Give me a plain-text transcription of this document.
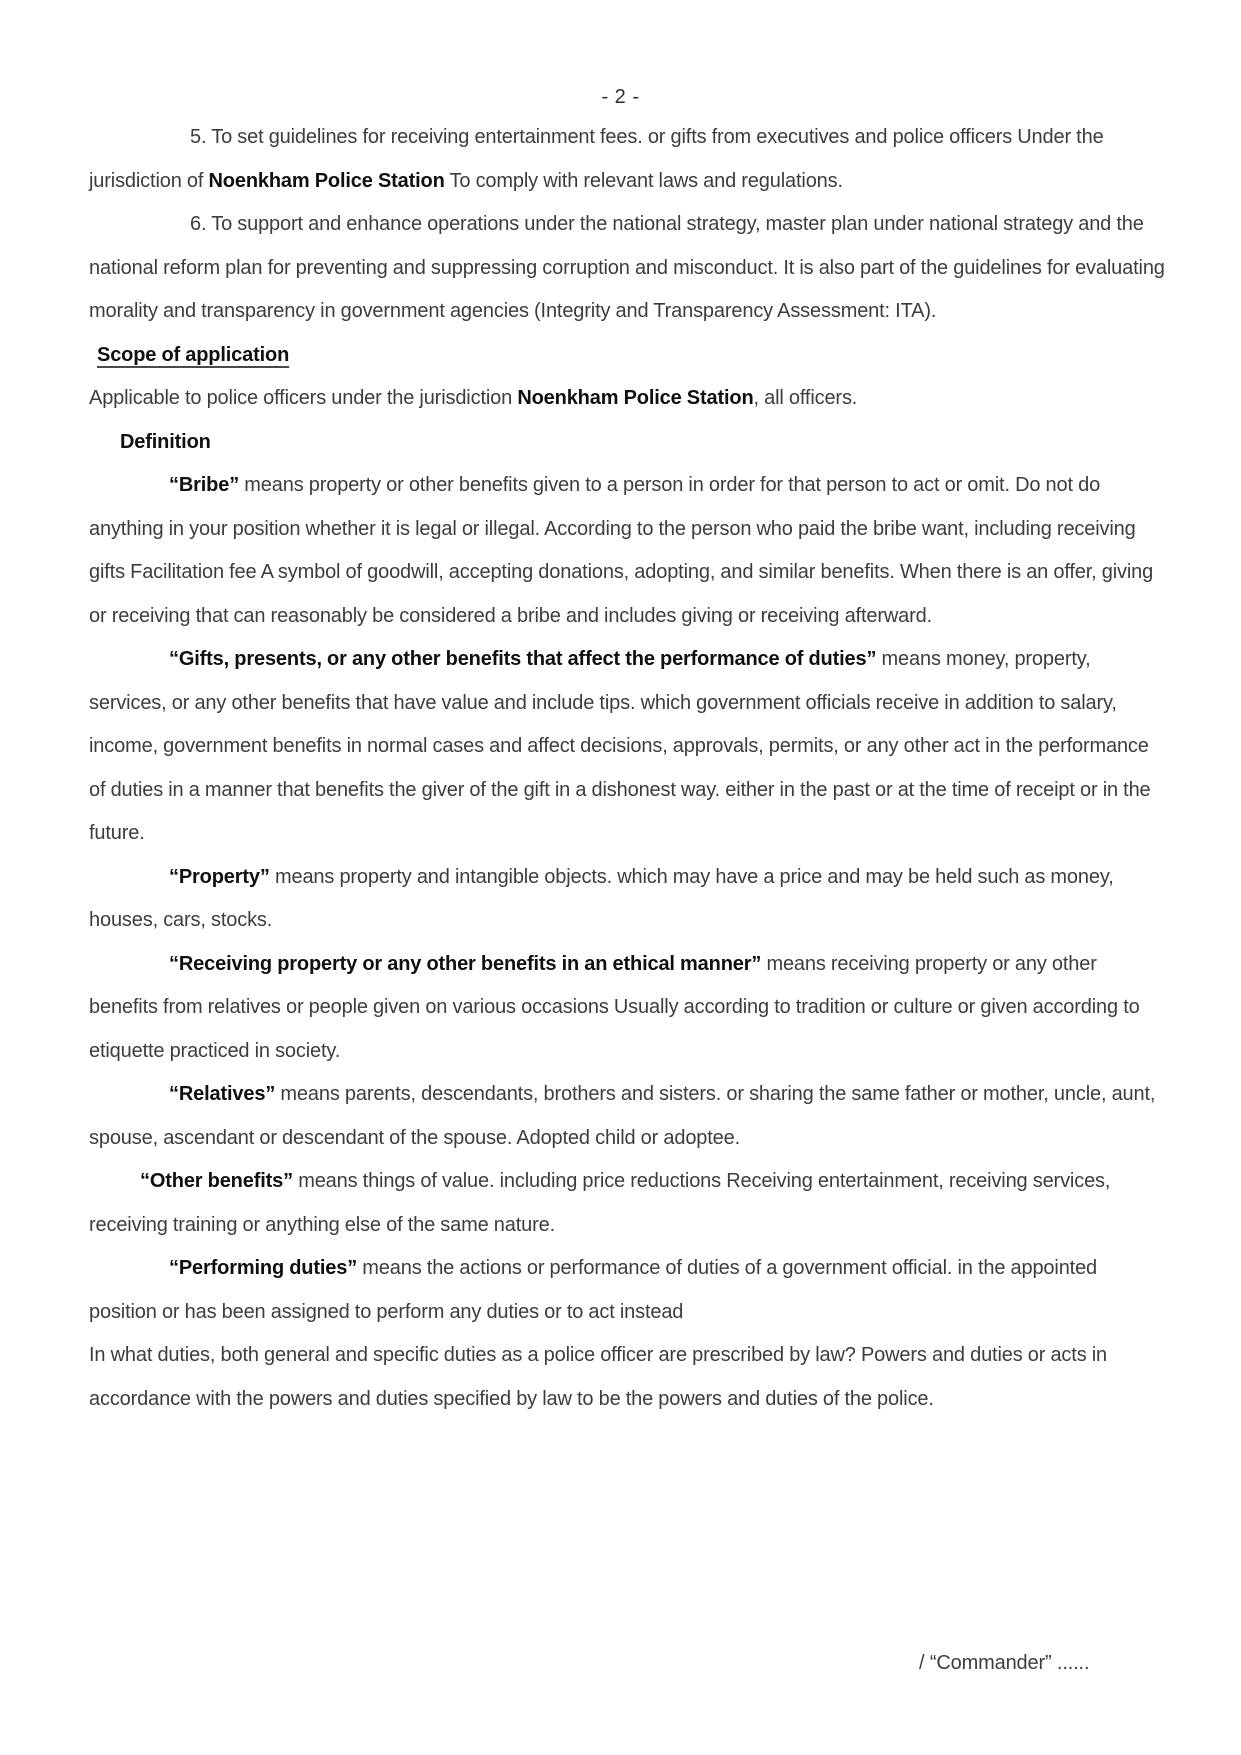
- 2 -

5. To set guidelines for receiving entertainment fees. or gifts from executives and police officers Under the jurisdiction of Noenkham Police Station To comply with relevant laws and regulations.

6. To support and enhance operations under the national strategy, master plan under national strategy and the national reform plan for preventing and suppressing corruption and misconduct. It is also part of the guidelines for evaluating morality and transparency in government agencies (Integrity and Transparency Assessment: ITA).

Scope of application

Applicable to police officers under the jurisdiction Noenkham Police Station, all officers.

Definition

“Bribe” means property or other benefits given to a person in order for that person to act or omit. Do not do anything in your position whether it is legal or illegal. According to the person who paid the bribe want, including receiving gifts Facilitation fee A symbol of goodwill, accepting donations, adopting, and similar benefits. When there is an offer, giving or receiving that can reasonably be considered a bribe and includes giving or receiving afterward.

“Gifts, presents, or any other benefits that affect the performance of duties” means money, property, services, or any other benefits that have value and include tips. which government officials receive in addition to salary, income, government benefits in normal cases and affect decisions, approvals, permits, or any other act in the performance of duties in a manner that benefits the giver of the gift in a dishonest way. either in the past or at the time of receipt or in the future.

“Property” means property and intangible objects. which may have a price and may be held such as money, houses, cars, stocks.

“Receiving property or any other benefits in an ethical manner” means receiving property or any other benefits from relatives or people given on various occasions Usually according to tradition or culture or given according to etiquette practiced in society.

“Relatives” means parents, descendants, brothers and sisters. or sharing the same father or mother, uncle, aunt, spouse, ascendant or descendant of the spouse. Adopted child or adoptee.

“Other benefits” means things of value. including price reductions Receiving entertainment, receiving services, receiving training or anything else of the same nature.

“Performing duties” means the actions or performance of duties of a government official. in the appointed position or has been assigned to perform any duties or to act instead

In what duties, both general and specific duties as a police officer are prescribed by law? Powers and duties or acts in accordance with the powers and duties specified by law to be the powers and duties of the police.

/ “Commander” ......
